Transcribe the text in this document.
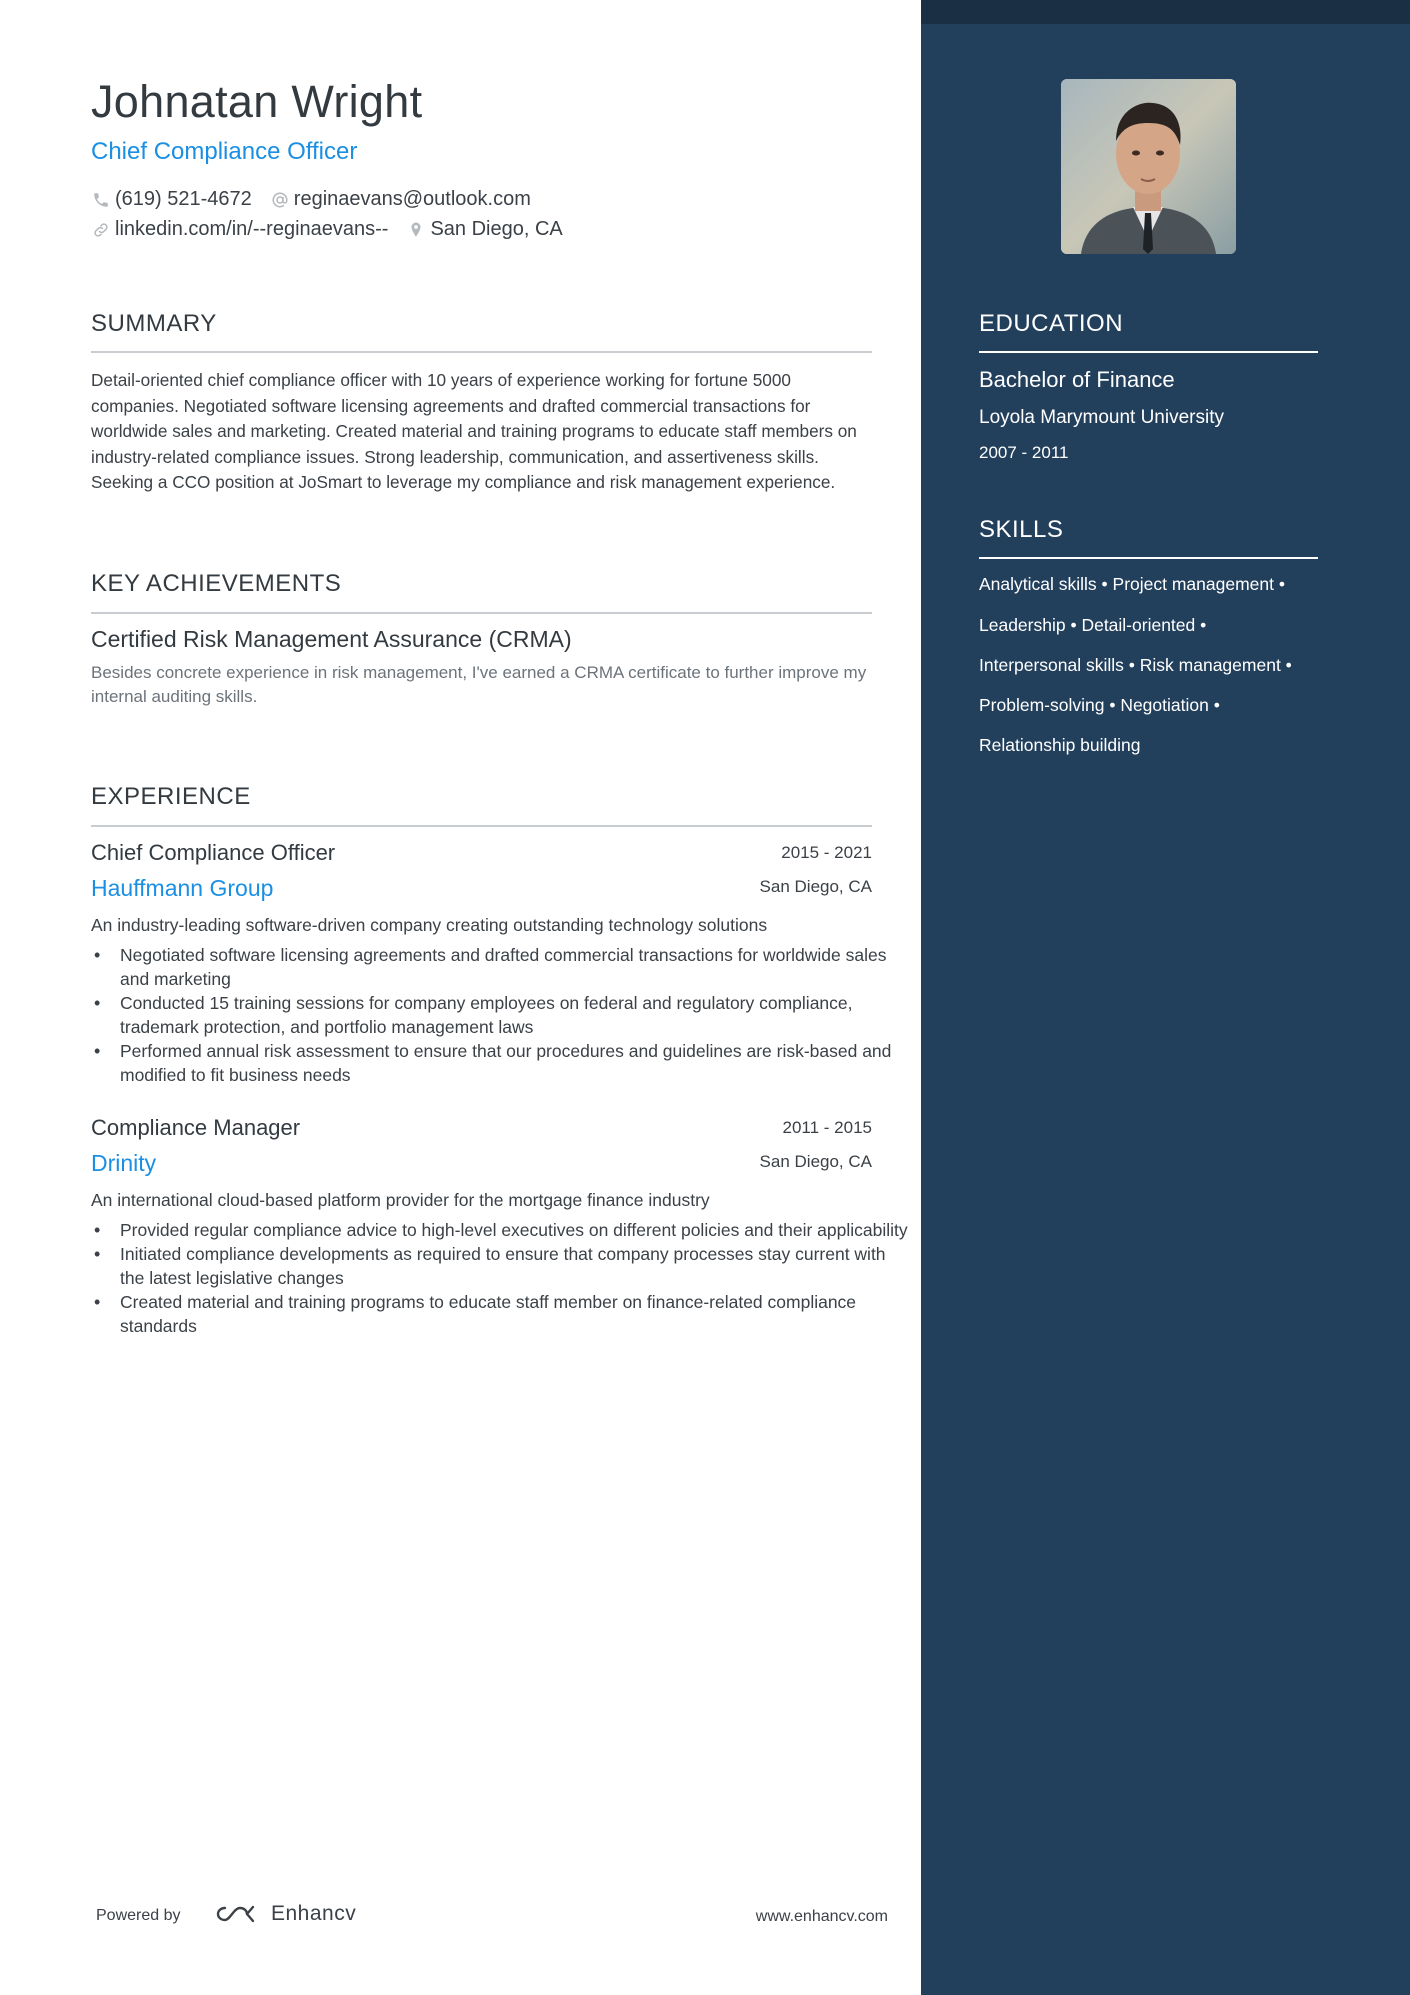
Johnatan Wright
Chief Compliance Officer
(619) 521-4672 reginaevans@outlook.com
linkedin.com/in/--reginaevans-- San Diego, CA
SUMMARY
Detail-oriented chief compliance officer with 10 years of experience working for fortune 5000 companies. Negotiated software licensing agreements and drafted commercial transactions for worldwide sales and marketing. Created material and training programs to educate staff members on industry-related compliance issues. Strong leadership, communication, and assertiveness skills. Seeking a CCO position at JoSmart to leverage my compliance and risk management experience.
KEY ACHIEVEMENTS
Certified Risk Management Assurance (CRMA)
Besides concrete experience in risk management, I've earned a CRMA certificate to further improve my internal auditing skills.
EXPERIENCE
Chief Compliance Officer	2015 - 2021
Hauffmann Group	San Diego, CA
An industry-leading software-driven company creating outstanding technology solutions
• Negotiated software licensing agreements and drafted commercial transactions for worldwide sales and marketing
• Conducted 15 training sessions for company employees on federal and regulatory compliance, trademark protection, and portfolio management laws
• Performed annual risk assessment to ensure that our procedures and guidelines are risk-based and modified to fit business needs
Compliance Manager	2011 - 2015
Drinity	San Diego, CA
An international cloud-based platform provider for the mortgage finance industry
• Provided regular compliance advice to high-level executives on different policies and their applicability
• Initiated compliance developments as required to ensure that company processes stay current with the latest legislative changes
• Created material and training programs to educate staff member on finance-related compliance standards
Powered by	Enhancv	www.enhancv.com
EDUCATION
Bachelor of Finance
Loyola Marymount University
2007 - 2011
SKILLS
Analytical skills • Project management •
Leadership • Detail-oriented •
Interpersonal skills • Risk management •
Problem-solving • Negotiation •
Relationship building
